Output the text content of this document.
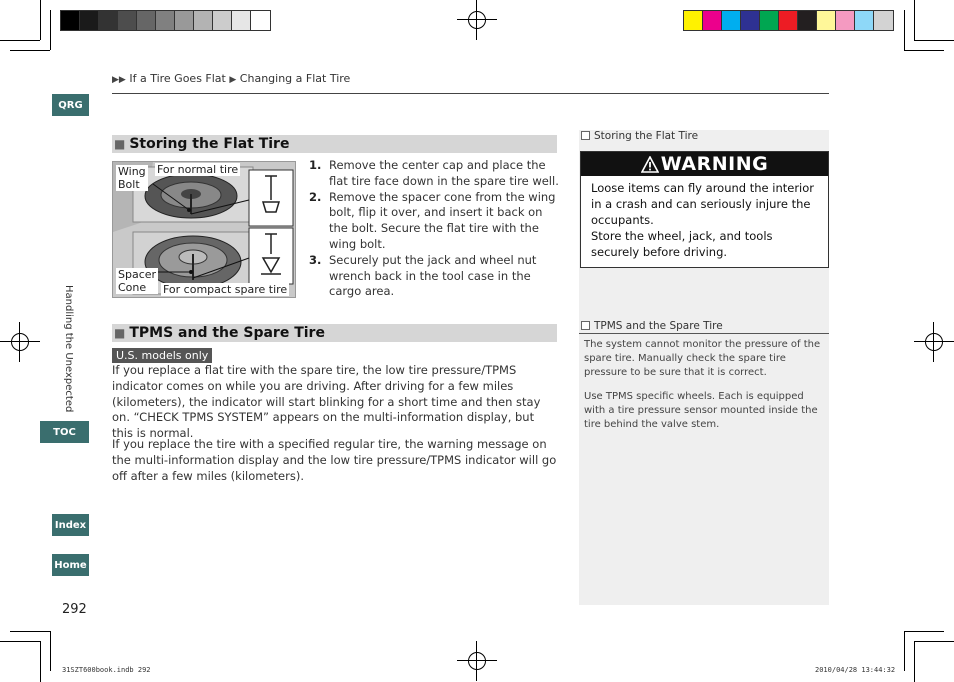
▶▶ If a Tire Goes Flat ▶ Changing a Flat Tire
QRG
Handling the Unexpected
TOC
Index
Home
292
31SZT600book.indb 292	2010/04/28 13:44:32
■ Storing the Flat Tire
Wing
Bolt
For normal tire
Spacer
Cone	For compact spare tire
1. Remove the center cap and place the flat tire face down in the spare tire well.
2. Remove the spacer cone from the wing bolt, flip it over, and insert it back on the bolt. Secure the flat tire with the wing bolt.
3. Securely put the jack and wheel nut wrench back in the tool case in the cargo area.
■ TPMS and the Spare Tire
U.S. models only
If you replace a flat tire with the spare tire, the low tire pressure/TPMS indicator comes on while you are driving. After driving for a few miles (kilometers), the indicator will start blinking for a short time and then stay on. “CHECK TPMS SYSTEM” appears on the multi-information display, but this is normal.
If you replace the tire with a specified regular tire, the warning message on the multi-information display and the low tire pressure/TPMS indicator will go off after a few miles (kilometers).
Storing the Flat Tire
WARNING
Loose items can fly around the interior in a crash and can seriously injure the occupants.
Store the wheel, jack, and tools securely before driving.
TPMS and the Spare Tire
The system cannot monitor the pressure of the spare tire. Manually check the spare tire pressure to be sure that it is correct.
Use TPMS specific wheels. Each is equipped with a tire pressure sensor mounted inside the tire behind the valve stem.
